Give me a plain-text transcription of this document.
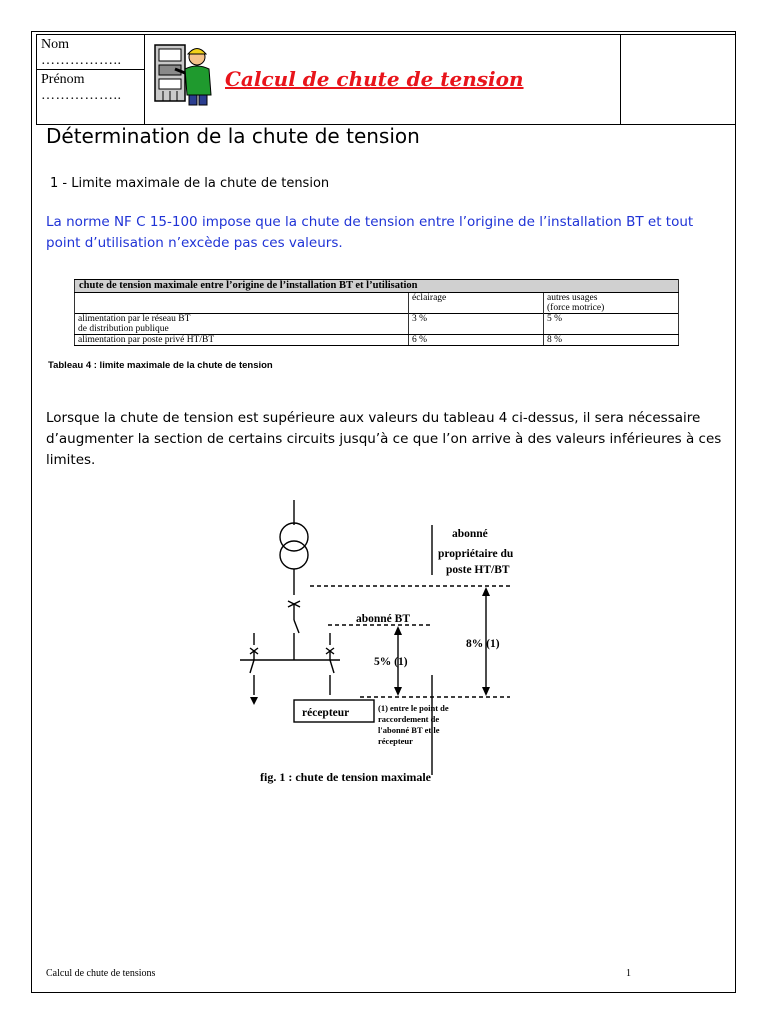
Nom
……………..

Calcul de chute de tension

Prénom
……………..
Détermination de la chute de tension
1 - Limite maximale de la chute de tension
La norme NF C 15-100 impose que la chute de tension entre l’origine de l’installation BT et tout point d’utilisation n’excède pas ces valeurs.
chute de tension maximale entre l’origine de l’installation BT et l’utilisation		
	éclairage	autres usages
(force motrice)

alimentation par le réseau BT
de distribution publique	3 %	5 %

alimentation par poste privé HT/BT	6 %	8 %
Tableau 4 : limite maximale de la chute de tension
Lorsque la chute de tension est supérieure aux valeurs du tableau 4 ci-dessus, il sera nécessaire d’augmenter la section de certains circuits jusqu’à ce que l’on arrive à des valeurs inférieures à ces limites.
abonné
propriétaire du
poste HT/BT
abonné BT
5% (1)
8% (1)
récepteur
fig. 1 : chute de tension maximale
(1) entre le point de
raccordement de
l'abonné BT et le
récepteur
Calcul de chute de tensions	1
